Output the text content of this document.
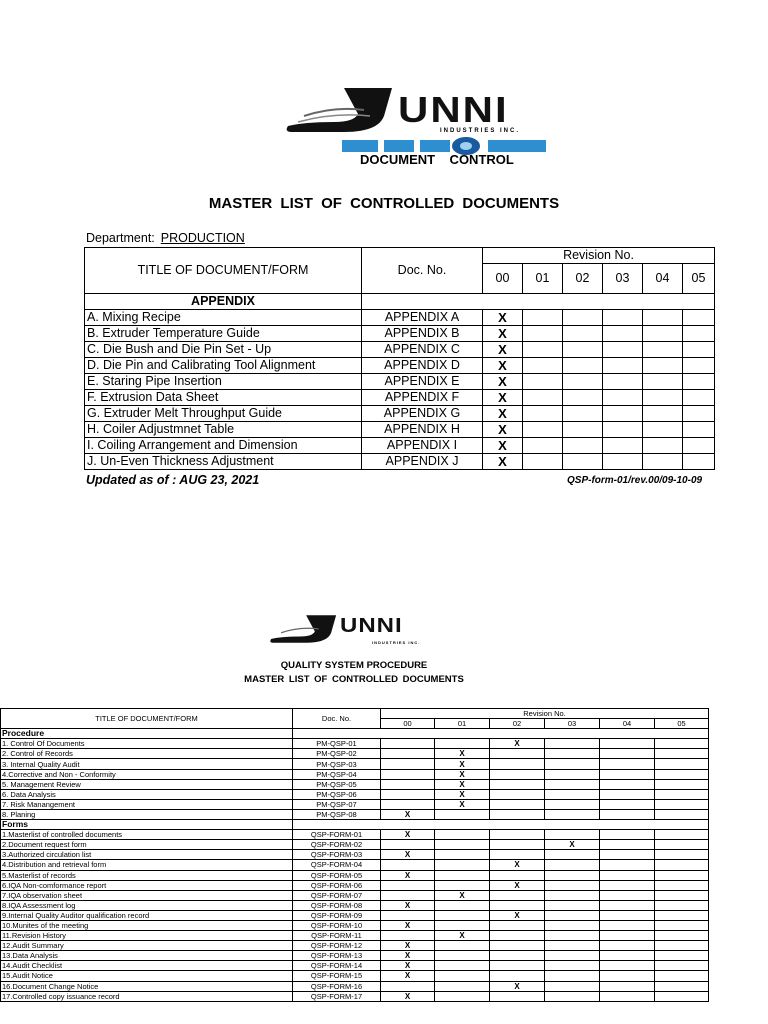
UNNI
INDUSTRIES INC.
DOCUMENT    CONTROL
MASTER LIST OF CONTROLLED DOCUMENTS
Department: PRODUCTION
TITLE OF DOCUMENT/FORM	Doc. No.	Revision No.					
		00	01	02	03	04	05
APPENDIX							
A. Mixing Recipe	APPENDIX A	X					
B. Extruder Temperature Guide	APPENDIX B	X					
C. Die Bush and Die Pin Set - Up	APPENDIX C	X					
D. Die Pin and Calibrating Tool Alignment	APPENDIX D	X					
E. Staring Pipe Insertion	APPENDIX E	X					
F. Extrusion Data Sheet	APPENDIX F	X					
G. Extruder Melt Throughput Guide	APPENDIX G	X					
H. Coiler Adjustmnet Table	APPENDIX H	X					
I. Coiling Arrangement and Dimension	APPENDIX I	X					
J. Un-Even Thickness Adjustment	APPENDIX J	X					
Updated as of : AUG 23, 2021	QSP-form-01/rev.00/09-10-09
UNNI
INDUSTRIES INC.
QUALITY SYSTEM PROCEDURE
MASTER LIST OF CONTROLLED DOCUMENTS
TITLE OF DOCUMENT/FORM	Doc. No.	Revision No.					
		00	01	02	03	04	05
Procedure							
1. Control Of Documents	PM-QSP-01			X			
2. Control of Records	PM-QSP-02		X				
3. Internal Quality Audit	PM-QSP-03		X				
4.Corrective and Non - Conformity	PM-QSP-04		X				
5. Management Review	PM-QSP-05		X				
6. Data Analysis	PM-QSP-06		X				
7. Risk Manangement	PM-QSP-07		X				
8. Planing	PM-QSP-08	X					
Forms							
1.Masterlist of controlled documents	QSP-FORM-01	X					
2.Document request form	QSP-FORM-02				X		
3.Authorized circulation list	QSP-FORM-03	X					
4.Distribution and retrieval form	QSP-FORM-04			X			
5.Masterlist of records	QSP-FORM-05	X					
6.IQA Non-comformance report	QSP-FORM-06			X			
7.IQA observation sheet	QSP-FORM-07		X				
8.IQA Assessment log	QSP-FORM-08	X					
9.Internal Quality Auditor qualification record	QSP-FORM-09			X			
10.Munites of the meeting	QSP-FORM-10	X					
11.Revision History	QSP-FORM-11		X				
12.Audit Summary	QSP-FORM-12	X					
13.Data Analysis	QSP-FORM-13	X					
14.Audit Checklist	QSP-FORM-14	X					
15.Audit Notice	QSP-FORM-15	X					
16.Document Change Notice	QSP-FORM-16			X			
17.Controlled copy issuance record	QSP-FORM-17	X					
